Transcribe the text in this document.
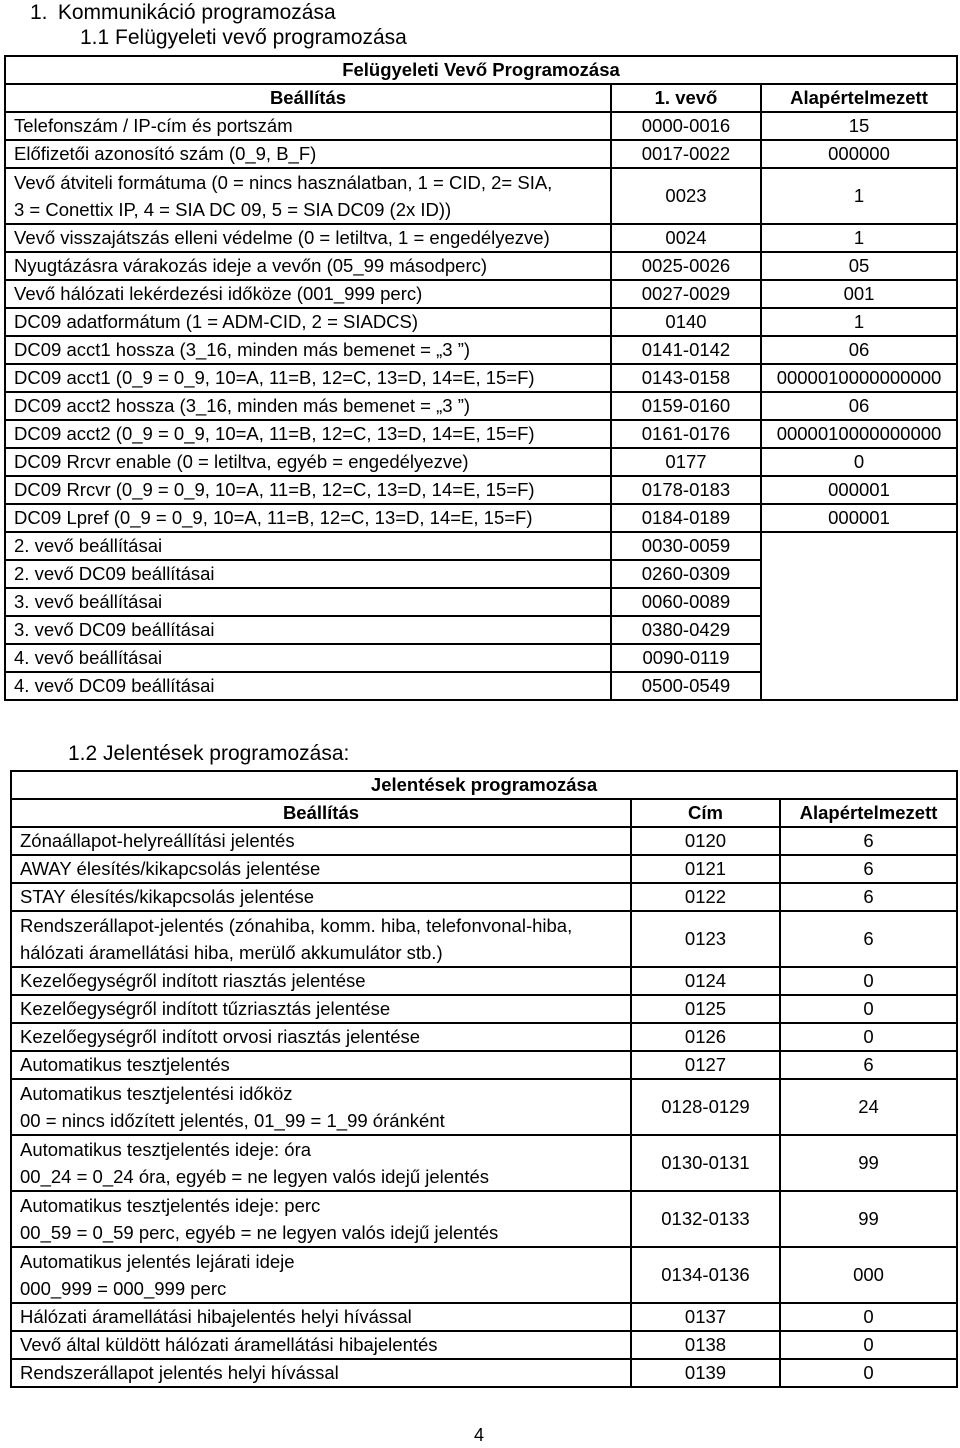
1. Kommunikáció programozása
1.1 Felügyeleti vevő programozása
Felügyeleti Vevő Programozása		
Beállítás	1. vevő	Alapértelmezett

Telefonszám / IP-cím és portszám	0000-0016	15

Előfizetői azonosító szám (0_9, B_F)	0017-0022	000000

Vevő átviteli formátuma (0 = nincs használatban, 1 = CID, 2= SIA,
3 = Conettix IP, 4 = SIA DC 09, 5 = SIA DC09 (2x ID))	0023	1

Vevő visszajátszás elleni védelme (0 = letiltva, 1 = engedélyezve)	0024	1

Nyugtázásra várakozás ideje a vevőn (05_99 másodperc)	0025-0026	05

Vevő hálózati lekérdezési időköze (001_999 perc)	0027-0029	001

DC09 adatformátum (1 = ADM-CID, 2 = SIADCS)	0140	1

DC09 acct1 hossza (3_16, minden más bemenet = „3 ”)	0141-0142	06

DC09 acct1 (0_9 = 0_9, 10=A, 11=B, 12=C, 13=D, 14=E, 15=F)	0143-0158	0000010000000000

DC09 acct2 hossza (3_16, minden más bemenet = „3 ”)	0159-0160	06

DC09 acct2 (0_9 = 0_9, 10=A, 11=B, 12=C, 13=D, 14=E, 15=F)	0161-0176	0000010000000000

DC09 Rrcvr enable (0 = letiltva, egyéb = engedélyezve)	0177	0

DC09 Rrcvr (0_9 = 0_9, 10=A, 11=B, 12=C, 13=D, 14=E, 15=F)	0178-0183	000001

DC09 Lpref (0_9 = 0_9, 10=A, 11=B, 12=C, 13=D, 14=E, 15=F)	0184-0189	000001
2. vevő beállításai	0030-0059	
2. vevő DC09 beállításai	0260-0309	
3. vevő beállításai	0060-0089	
3. vevő DC09 beállításai	0380-0429	
4. vevő beállításai	0090-0119	
4. vevő DC09 beállításai	0500-0549	
1.2 Jelentések programozása:
Jelentések programozása		
Beállítás	Cím	Alapértelmezett

Zónaállapot-helyreállítási jelentés	0120	6

AWAY élesítés/kikapcsolás jelentése	0121	6

STAY élesítés/kikapcsolás jelentése	0122	6

Rendszerállapot-jelentés (zónahiba, komm. hiba, telefonvonal-hiba,
hálózati áramellátási hiba, merülő akkumulátor stb.)	0123	6

Kezelőegységről indított riasztás jelentése	0124	0

Kezelőegységről indított tűzriasztás jelentése	0125	0

Kezelőegységről indított orvosi riasztás jelentése	0126	0

Automatikus tesztjelentés	0127	6

Automatikus tesztjelentési időköz
00 = nincs időzített jelentés, 01_99 = 1_99 óránként	0128-0129	24

Automatikus tesztjelentés ideje: óra
00_24 = 0_24 óra, egyéb = ne legyen valós idejű jelentés	0130-0131	99

Automatikus tesztjelentés ideje: perc
00_59 = 0_59 perc, egyéb = ne legyen valós idejű jelentés	0132-0133	99

Automatikus jelentés lejárati ideje
000_999 = 000_999 perc	0134-0136	000

Hálózati áramellátási hibajelentés helyi hívással	0137	0

Vevő által küldött hálózati áramellátási hibajelentés	0138	0

Rendszerállapot jelentés helyi hívással	0139	0
4
